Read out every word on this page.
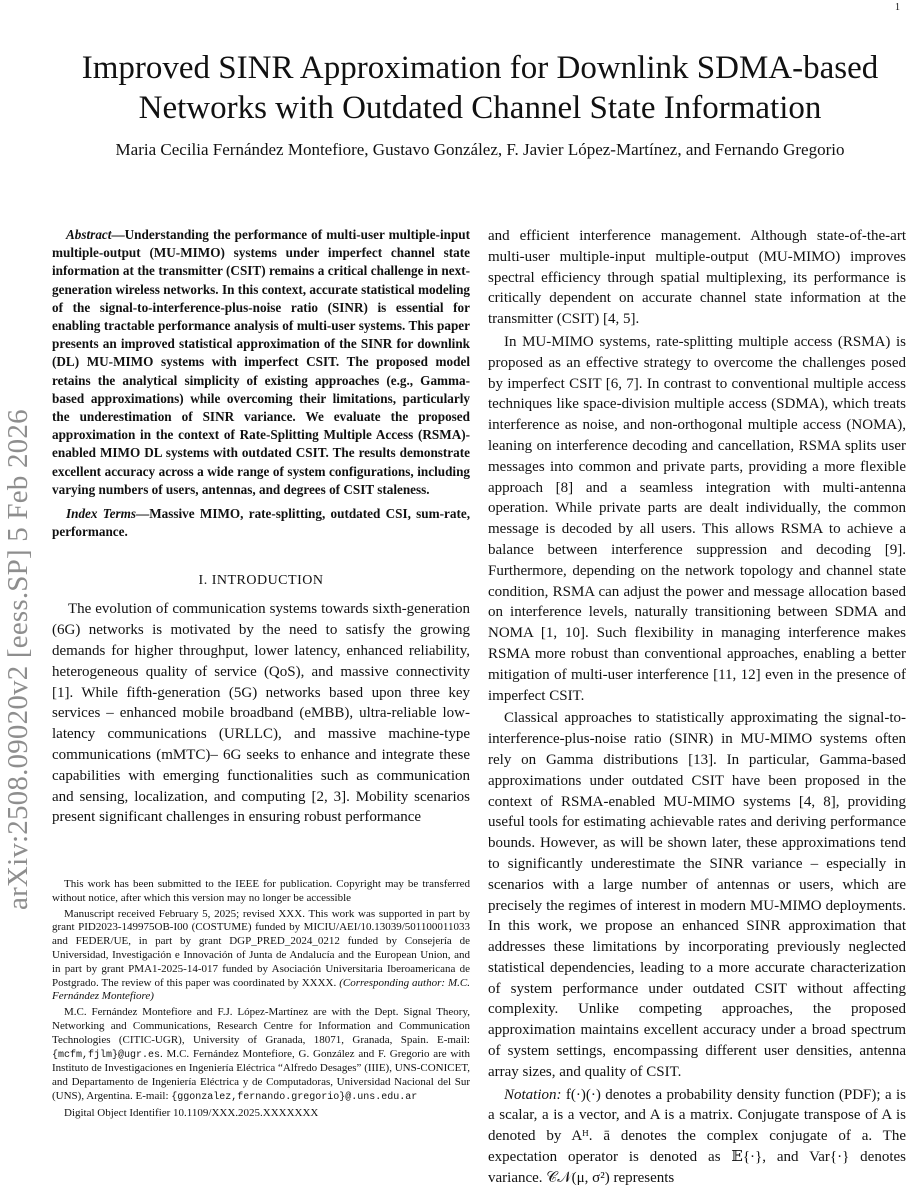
1
arXiv:2508.09020v2 [eess.SP] 5 Feb 2026
Improved SINR Approximation for Downlink SDMA-based Networks with Outdated Channel State Information
Maria Cecilia Fernández Montefiore, Gustavo González, F. Javier López-Martínez, and Fernando Gregorio

Abstract—Understanding the performance of multi-user multiple-input multiple-output (MU-MIMO) systems under imperfect channel state information at the transmitter (CSIT) remains a critical challenge in next-generation wireless networks. In this context, accurate statistical modeling of the signal-to-interference-plus-noise ratio (SINR) is essential for enabling tractable performance analysis of multi-user systems. This paper presents an improved statistical approximation of the SINR for downlink (DL) MU-MIMO systems with imperfect CSIT. The proposed model retains the analytical simplicity of existing approaches (e.g., Gamma-based approximations) while overcoming their limitations, particularly the underestimation of SINR variance. We evaluate the proposed approximation in the context of Rate-Splitting Multiple Access (RSMA)-enabled MIMO DL systems with outdated CSIT. The results demonstrate excellent accuracy across a wide range of system configurations, including varying numbers of users, antennas, and degrees of CSIT staleness.

Index Terms—Massive MIMO, rate-splitting, outdated CSI, sum-rate, performance.

I. INTRODUCTION

The evolution of communication systems towards sixth-generation (6G) networks is motivated by the need to satisfy the growing demands for higher throughput, lower latency, enhanced reliability, heterogeneous quality of service (QoS), and massive connectivity [1]. While fifth-generation (5G) networks based upon three key services – enhanced mobile broadband (eMBB), ultra-reliable low-latency communications (URLLC), and massive machine-type communications (mMTC)– 6G seeks to enhance and integrate these capabilities with emerging functionalities such as communication and sensing, localization, and computing [2, 3]. Mobility scenarios present significant challenges in ensuring robust performance

This work has been submitted to the IEEE for publication. Copyright may be transferred without notice, after which this version may no longer be accessible

Manuscript received February 5, 2025; revised XXX. This work was supported in part by grant PID2023-149975OB-I00 (COSTUME) funded by MICIU/AEI/10.13039/501100011033 and FEDER/UE, in part by grant DGP_PRED_2024_0212 funded by Consejería de Universidad, Investigación e Innovación of Junta de Andalucía and the European Union, and in part by grant PMA1-2025-14-017 funded by Asociación Universitaria Iberoamericana de Postgrado. The review of this paper was coordinated by XXXX. (Corresponding author: M.C. Fernández Montefiore)

M.C. Fernández Montefiore and F.J. López-Martínez are with the Dept. Signal Theory, Networking and Communications, Research Centre for Information and Communication Technologies (CITIC-UGR), University of Granada, 18071, Granada, Spain. E-mail:{mcfm,fjlm}@ugr.es. M.C. Fernández Montefiore, G. González and F. Gregorio are with Instituto de Investigaciones en Ingeniería Eléctrica “Alfredo Desages” (IIIE), UNS-CONICET, and Departamento de Ingeniería Eléctrica y de Computadoras, Universidad Nacional del Sur (UNS), Argentina. E-mail: {ggonzalez,fernando.gregorio}@.uns.edu.ar

Digital Object Identifier 10.1109/XXX.2025.XXXXXXX

and efficient interference management. Although state-of-the-art multi-user multiple-input multiple-output (MU-MIMO) improves spectral efficiency through spatial multiplexing, its performance is critically dependent on accurate channel state information at the transmitter (CSIT) [4, 5].

In MU-MIMO systems, rate-splitting multiple access (RSMA) is proposed as an effective strategy to overcome the challenges posed by imperfect CSIT [6, 7]. In contrast to conventional multiple access techniques like space-division multiple access (SDMA), which treats interference as noise, and non-orthogonal multiple access (NOMA), leaning on interference decoding and cancellation, RSMA splits user messages into common and private parts, providing a more flexible approach [8] and a seamless integration with multi-antenna operation. While private parts are dealt individually, the common message is decoded by all users. This allows RSMA to achieve a balance between interference suppression and decoding [9]. Furthermore, depending on the network topology and channel state condition, RSMA can adjust the power and message allocation based on interference levels, naturally transitioning between SDMA and NOMA [1, 10]. Such flexibility in managing interference makes RSMA more robust than conventional approaches, enabling a better mitigation of multi-user interference [11, 12] even in the presence of imperfect CSIT.

Classical approaches to statistically approximating the signal-to-interference-plus-noise ratio (SINR) in MU-MIMO systems often rely on Gamma distributions [13]. In particular, Gamma-based approximations under outdated CSIT have been proposed in the context of RSMA-enabled MU-MIMO systems [4, 8], providing useful tools for estimating achievable rates and deriving performance bounds. However, as will be shown later, these approximations tend to significantly underestimate the SINR variance – especially in scenarios with a large number of antennas or users, which are precisely the regimes of interest in modern MU-MIMO deployments. In this work, we propose an enhanced SINR approximation that addresses these limitations by incorporating previously neglected statistical dependencies, leading to a more accurate characterization of system performance under outdated CSIT without affecting complexity. Unlike competing approaches, the proposed approximation maintains excellent accuracy under a broad spectrum of system settings, encompassing different user densities, antenna array sizes, and quality of CSIT.

Notation: f(·)(·) denotes a probability density function (PDF); a is a scalar, a is a vector, and A is a matrix. Conjugate transpose of A is denoted by Aᴴ. ā denotes the complex conjugate of a. The expectation operator is denoted as 𝔼{·}, and Var{·} denotes variance. 𝒞𝒩(μ, σ²) represents
